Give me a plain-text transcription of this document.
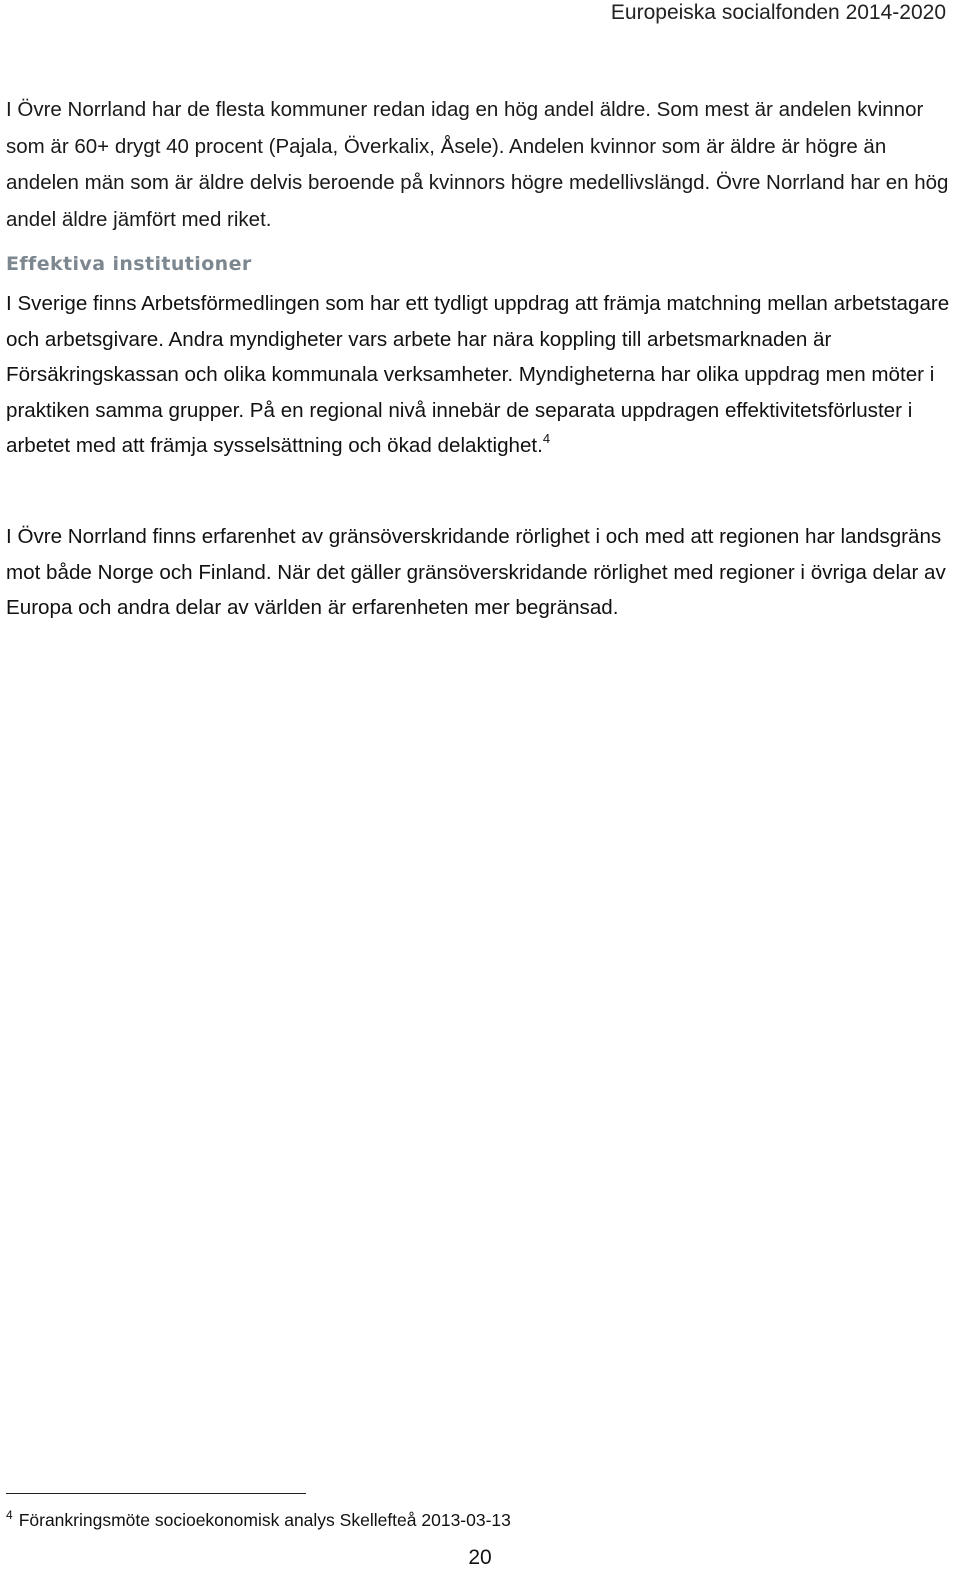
Europeiska socialfonden 2014-2020

I Övre Norrland har de flesta kommuner redan idag en hög andel äldre. Som mest är andelen kvinnor som är 60+ drygt 40 procent (Pajala, Överkalix, Åsele). Andelen kvinnor som är äldre är högre än andelen män som är äldre delvis beroende på kvinnors högre medellivslängd. Övre Norrland har en hög andel äldre jämfört med riket.

Effektiva institutioner

I Sverige finns Arbetsförmedlingen som har ett tydligt uppdrag att främja matchning mellan arbetstagare och arbetsgivare. Andra myndigheter vars arbete har nära koppling till arbetsmarknaden är Försäkringskassan och olika kommunala verksamheter. Myndigheterna har olika uppdrag men möter i praktiken samma grupper. På en regional nivå innebär de separata uppdragen effektivitetsförluster i arbetet med att främja sysselsättning och ökad delaktighet.$^4$

I Övre Norrland finns erfarenhet av gränsöverskridande rörlighet i och med att regionen har landsgräns mot både Norge och Finland. När det gäller gränsöverskridande rörlighet med regioner i övriga delar av Europa och andra delar av världen är erfarenheten mer begränsad.

$^4$ Förankringsmöte socioekonomisk analys Skellefteå 2013-03-13
20
